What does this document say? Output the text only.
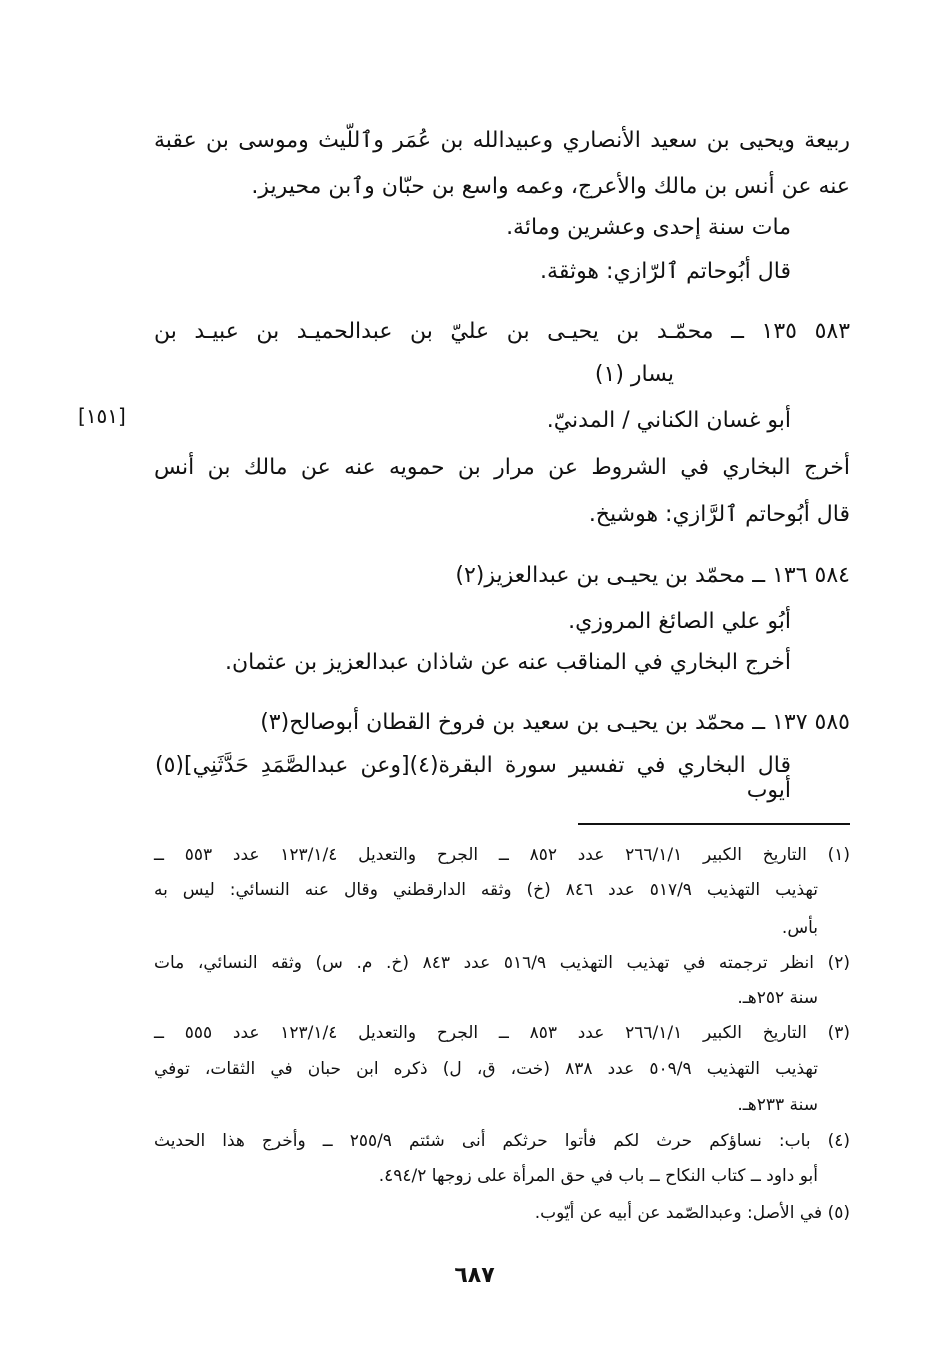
ربيعة ويحيى بن سعيد الأنصاري وعبيدالله بن عُمَر وٱللّيث وموسى بن عقبة
عنه عن أنس بن مالك والأعرج، وعمه واسع بن حبّان وٱبن محيريز.
مات سنة إحدى وعشرين ومائة.
قال أبُوحاتم ٱلرّازي: هوثقة.
٥٨٣ ١٣٥ ــ محمّـد بن يحيـى بن عليّ بن عبدالحميـد بن عبيـد بن
يسار (١)
أبو غسان الكناني / المدنيّ.
[١٥١]
أخرج البخاري في الشروط عن مرار بن حمويه عنه عن مالك بن أنس
قال أبُوحاتم ٱلرَّازي: هوشيخ.
٥٨٤ ١٣٦ ــ محمّد بن يحيـى بن عبدالعزيز(٢)
أبُو علي الصائغ المروزي.
أخرج البخاري في المناقب عنه عن شاذان عبدالعزيز بن عثمان.
٥٨٥ ١٣٧ ــ محمّد بن يحيـى بن سعيد بن فروخ القطان أبوصالح(٣)
قال البخاري في تفسير سورة البقرة(٤)[وعن عبدالصَّمَدِ حَدَّثَنِي](٥) أيوب
(١) التاريخ الكبير ٢٦٦/١/١ عدد ٨٥٢ ــ الجرح والتعديل ١٢٣/١/٤ عدد ٥٥٣ ــ
تهذيب التهذيب ٥١٧/٩ عدد ٨٤٦ (خ) وثقه الدارقطني وقال عنه النسائي: ليس به
بأس.
(٢) انظر ترجمته في تهذيب التهذيب ٥١٦/٩ عدد ٨٤٣ (خ. م. س) وثقه النسائي، مات
سنة ٢٥٢هـ.
(٣) التاريخ الكبير ٢٦٦/١/١ عدد ٨٥٣ ــ الجرح والتعديل ١٢٣/١/٤ عدد ٥٥٥ ــ
تهذيب التهذيب ٥٠٩/٩ عدد ٨٣٨ (خت، ق، ل) ذكره ابن حبان في الثقات، توفي
سنة ٢٣٣هـ.
(٤) باب: نساؤكم حرث لكم فأتوا حرثكم أنى شئتم ٢٥٥/٩ ــ وأخرج هذا الحديث
أبو داود ــ كتاب النكاح ــ باب في حق المرأة على زوجها ٤٩٤/٢.
(٥) في الأصل: وعبدالصّمد عن أبيه عن أيّوب.
٦٨٧
